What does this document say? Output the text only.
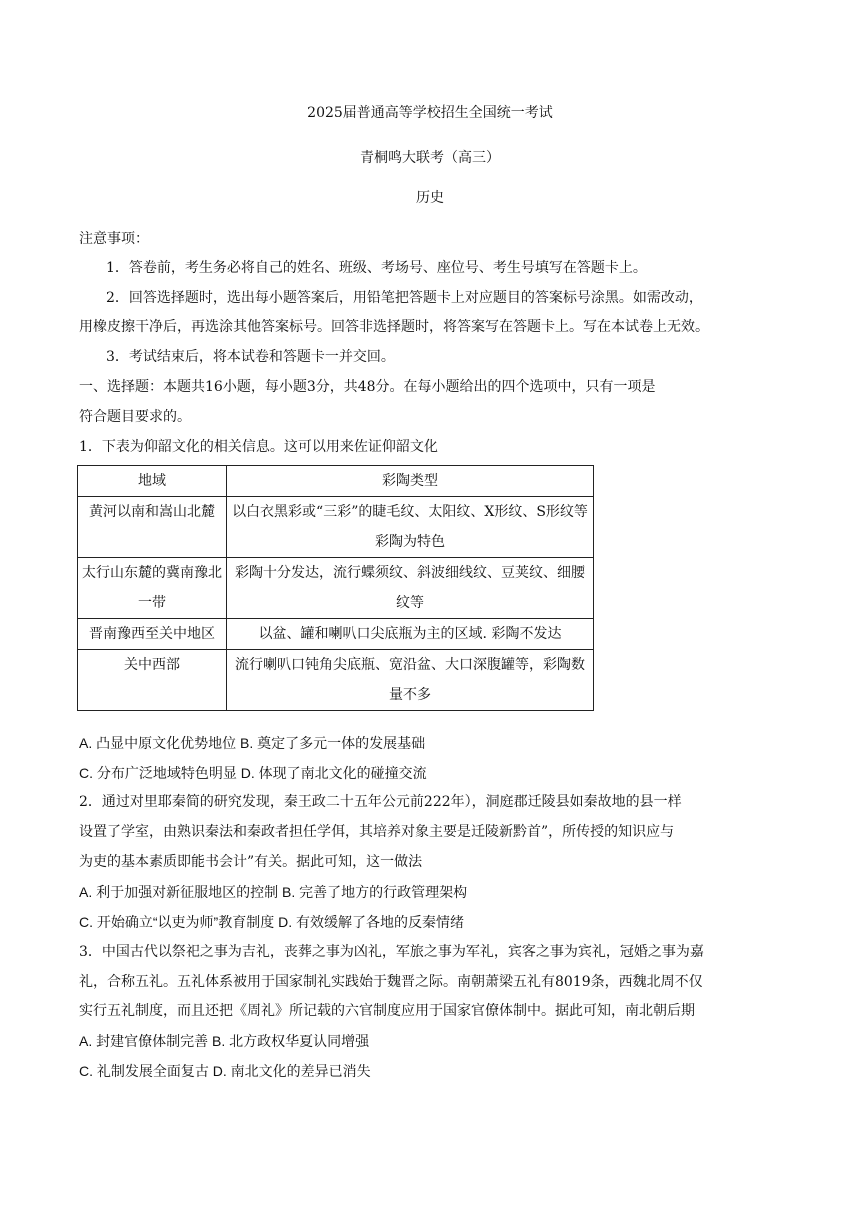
2025届普通高等学校招生全国统一考试
青桐鸣大联考（高三）
历史
注意事项：
1．答卷前，考生务必将自己的姓名、班级、考场号、座位号、考生号填写在答题卡上。
2．回答选择题时，选出每小题答案后，用铅笔把答题卡上对应题目的答案标号涂黑。如需改动，
用橡皮擦干净后，再选涂其他答案标号。回答非选择题时，将答案写在答题卡上。写在本试卷上无效。
3．考试结束后，将本试卷和答题卡一并交回。
一、选择题：本题共16小题，每小题3分，共48分。在每小题给出的四个选项中，只有一项是
符合题目要求的。
1．下表为仰韶文化的相关信息。这可以用来佐证仰韶文化
地域	彩陶类型
黄河以南和嵩山北麓	以白衣黑彩或“三彩”的睫毛纹、太阳纹、X形纹、S形纹等彩陶为特色
太行山东麓的冀南豫北一带	彩陶十分发达，流行蝶须纹、斜波细线纹、豆荚纹、细腰纹等
晋南豫西至关中地区	以盆、罐和喇叭口尖底瓶为主的区域. 彩陶不发达
关中西部	流行喇叭口钝角尖底瓶、宽沿盆、大口深腹罐等，彩陶数量不多
A. 凸显中原文化优势地位 B. 奠定了多元一体的发展基础
C. 分布广泛地域特色明显 D. 体现了南北文化的碰撞交流
2．通过对里耶秦简的研究发现，秦王政二十五年公元前222年），洞庭郡迁陵县如秦故地的县一样
设置了学室，由熟识秦法和秦政者担任学佴，其培养对象主要是迁陵新黔首”，所传授的知识应与
为吏的基本素质即能书会计”有关。据此可知，这一做法
A. 利于加强对新征服地区的控制 B. 完善了地方的行政管理架构
C. 开始确立“以吏为师”教育制度 D. 有效缓解了各地的反秦情绪
3．中国古代以祭祀之事为吉礼，丧葬之事为凶礼，军旅之事为军礼，宾客之事为宾礼，冠婚之事为嘉
礼，合称五礼。五礼体系被用于国家制礼实践始于魏晋之际。南朝萧梁五礼有8019条，西魏北周不仅
实行五礼制度，而且还把《周礼》所记载的六官制度应用于国家官僚体制中。据此可知，南北朝后期
A. 封建官僚体制完善 B. 北方政权华夏认同增强
C. 礼制发展全面复古 D. 南北文化的差异已消失
